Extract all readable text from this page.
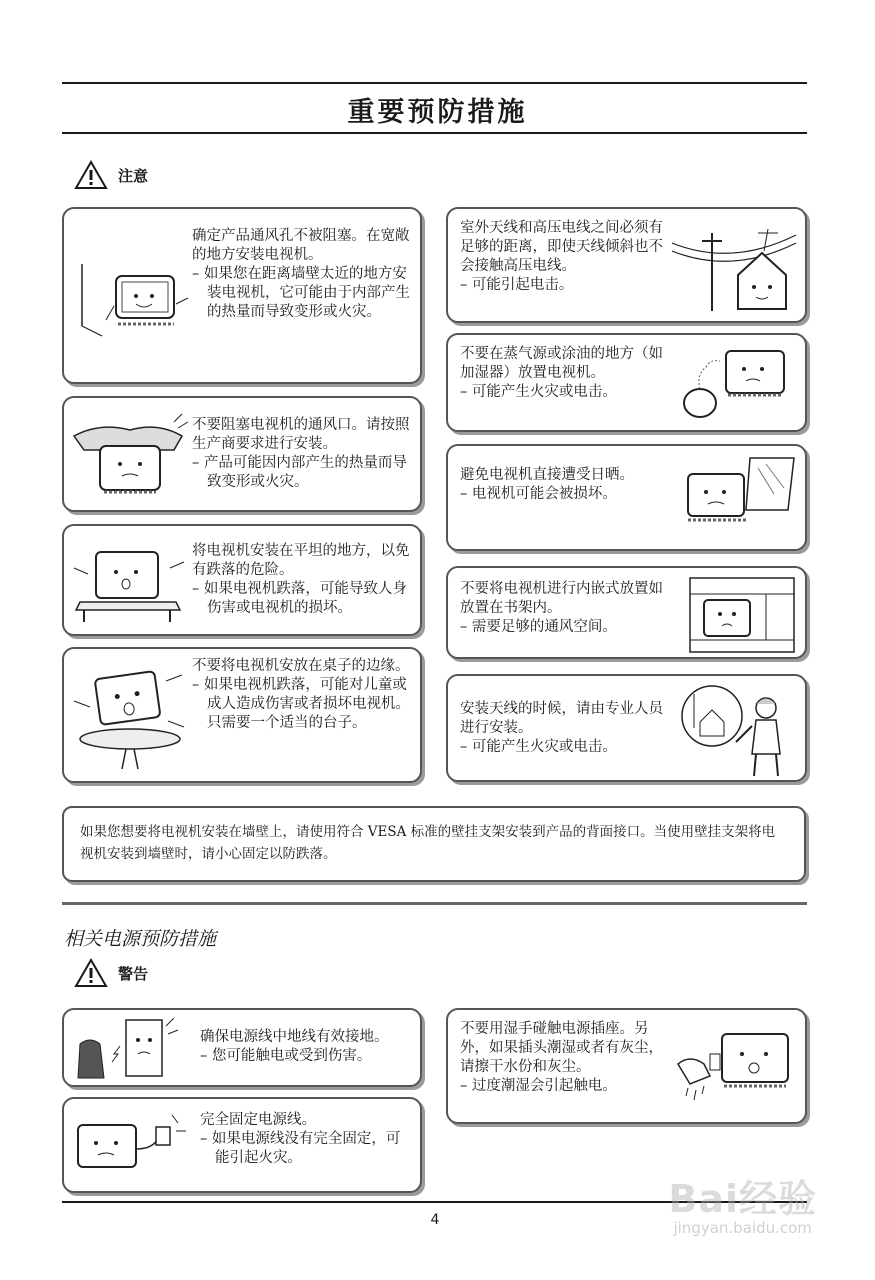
重要预防措施
注意

确定产品通风孔不被阻塞。在宽敞的地方安装电视机。

– 如果您在距离墙壁太近的地方安装电视机，它可能由于内部产生的热量而导致变形或火灾。

不要阻塞电视机的通风口。请按照生产商要求进行安装。

– 产品可能因内部产生的热量而导致变形或火灾。

将电视机安装在平坦的地方，以免有跌落的危险。

– 如果电视机跌落，可能导致人身伤害或电视机的损坏。

不要将电视机安放在桌子的边缘。

– 如果电视机跌落，可能对儿童或成人造成伤害或者损坏电视机。只需要一个适当的台子。

室外天线和高压电线之间必须有足够的距离，即使天线倾斜也不会接触高压电线。

– 可能引起电击。

不要在蒸气源或涂油的地方（如加湿器）放置电视机。

– 可能产生火灾或电击。

避免电视机直接遭受日晒。

– 电视机可能会被损坏。

不要将电视机进行内嵌式放置如放置在书架内。

– 需要足够的通风空间。

安装天线的时候，请由专业人员进行安装。

– 可能产生火灾或电击。

如果您想要将电视机安装在墙壁上，请使用符合 VESA 标准的壁挂支架安装到产品的背面接口。当使用壁挂支架将电视机安装到墙壁时，请小心固定以防跌落。
相关电源预防措施
警告

确保电源线中地线有效接地。

– 您可能触电或受到伤害。

完全固定电源线。

– 如果电源线没有完全固定，可能引起火灾。

不要用湿手碰触电源插座。另外，如果插头潮湿或者有灰尘，请擦干水份和灰尘。

– 过度潮湿会引起触电。

4	Bai经验
jingyan.baidu.com
